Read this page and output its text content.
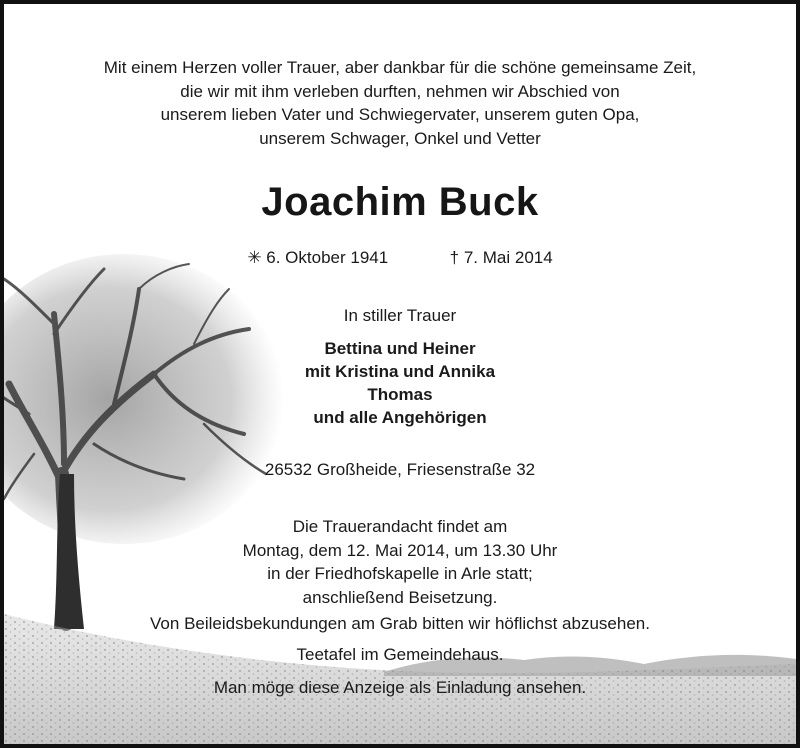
Mit einem Herzen voller Trauer, aber dankbar für die schöne gemeinsame Zeit,
die wir mit ihm verleben durften, nehmen wir Abschied von
unserem lieben Vater und Schwiegervater, unserem guten Opa,
unserem Schwager, Onkel und Vetter
Joachim Buck
✳ 6. Oktober 1941	† 7. Mai 2014
In stiller Trauer
Bettina und Heiner
mit Kristina und Annika
Thomas
und alle Angehörigen
26532 Großheide, Friesenstraße 32
Die Trauerandacht findet am
Montag, dem 12. Mai 2014, um 13.30 Uhr
in der Friedhofskapelle in Arle statt;
anschließend Beisetzung.
Von Beileidsbekundungen am Grab bitten wir höflichst abzusehen.
Teetafel im Gemeindehaus.
Man möge diese Anzeige als Einladung ansehen.
